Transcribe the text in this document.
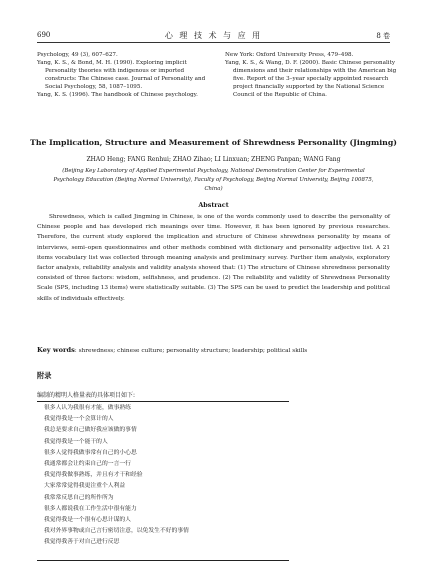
690	心 理 技 术 与 应 用	8 卷

Psychology, 49 (3), 607–627.

Yang, K. S., & Bond, M. H. (1990). Exploring implicit Personality theories with indigenous or imported constructs: The Chinese case. Journal of Personality and Social Psychology, 58, 1087–1095.

Yang, K. S. (1996). The handbook of Chinese psychology.

New York: Oxford University Press, 479–498.

Yang, K. S., & Wang, D. F. (2000). Basic Chinese personality dimensions and their relationships with the American big five. Report of the 3–year specially appointed research project financially supported by the National Science Council of the Republic of China.

The Implication, Structure and Measurement of Shrewdness Personality (Jingming)
ZHAO Heng; FANG Renhui; ZHAO Zihao; LI Linxuan; ZHENG Panpan; WANG Fang
(Beijing Key Laboratory of Applied Experimental Psychology, National Demonstration Center for Experimental Psychology Education (Beijing Normal University), Faculty of Psychology, Beijing Normal University, Beijing 100875, China)
Abstract

Shrewdness, which is called Jingming in Chinese, is one of the words commonly used to describe the personality of Chinese people and has developed rich meanings over time. However, it has been ignored by previous researches. Therefore, the current study explored the implication and structure of Chinese shrewdness personality by means of interviews, semi–open questionnaires and other methods combined with dictionary and personality adjective list. A 21 items vocabulary list was collected through meaning analysis and preliminary survey. Further item analysis, exploratory factor analysis, reliability analysis and validity analysis showed that: (1) The structure of Chinese shrewdness personality consisted of three factors: wisdom, selfishness, and prudence. (2) The reliability and validity of Shrewdness Personality Scale (SPS, including 13 items) were statistically suitable. (3) The SPS can be used to predict the leadership and political skills of individuals effectively.

Key words: shrewdness; chinese culture; personality structure; leadership; political skills
附录
编制的精明人格量表的具体项目如下:
很多人认为我很有才能，做事熟练
我觉得我是一个会算计的人
我总是要求自己做好我应该做的事情
我觉得我是一个能干的人
很多人觉得我做事常有自己的小心思
我通常都会让约束自己的一言一行
我觉得我做事熟练，并且有才干和经验
大家常常觉得我更注重个人利益
我常常反思自己的所作所为
很多人都说我在工作生活中很有能力
我觉得我是一个很有心思计谋的人
我对外界事物或自己言行密切注意，以免发生不好的事情
我觉得我善于对自己进行反思
